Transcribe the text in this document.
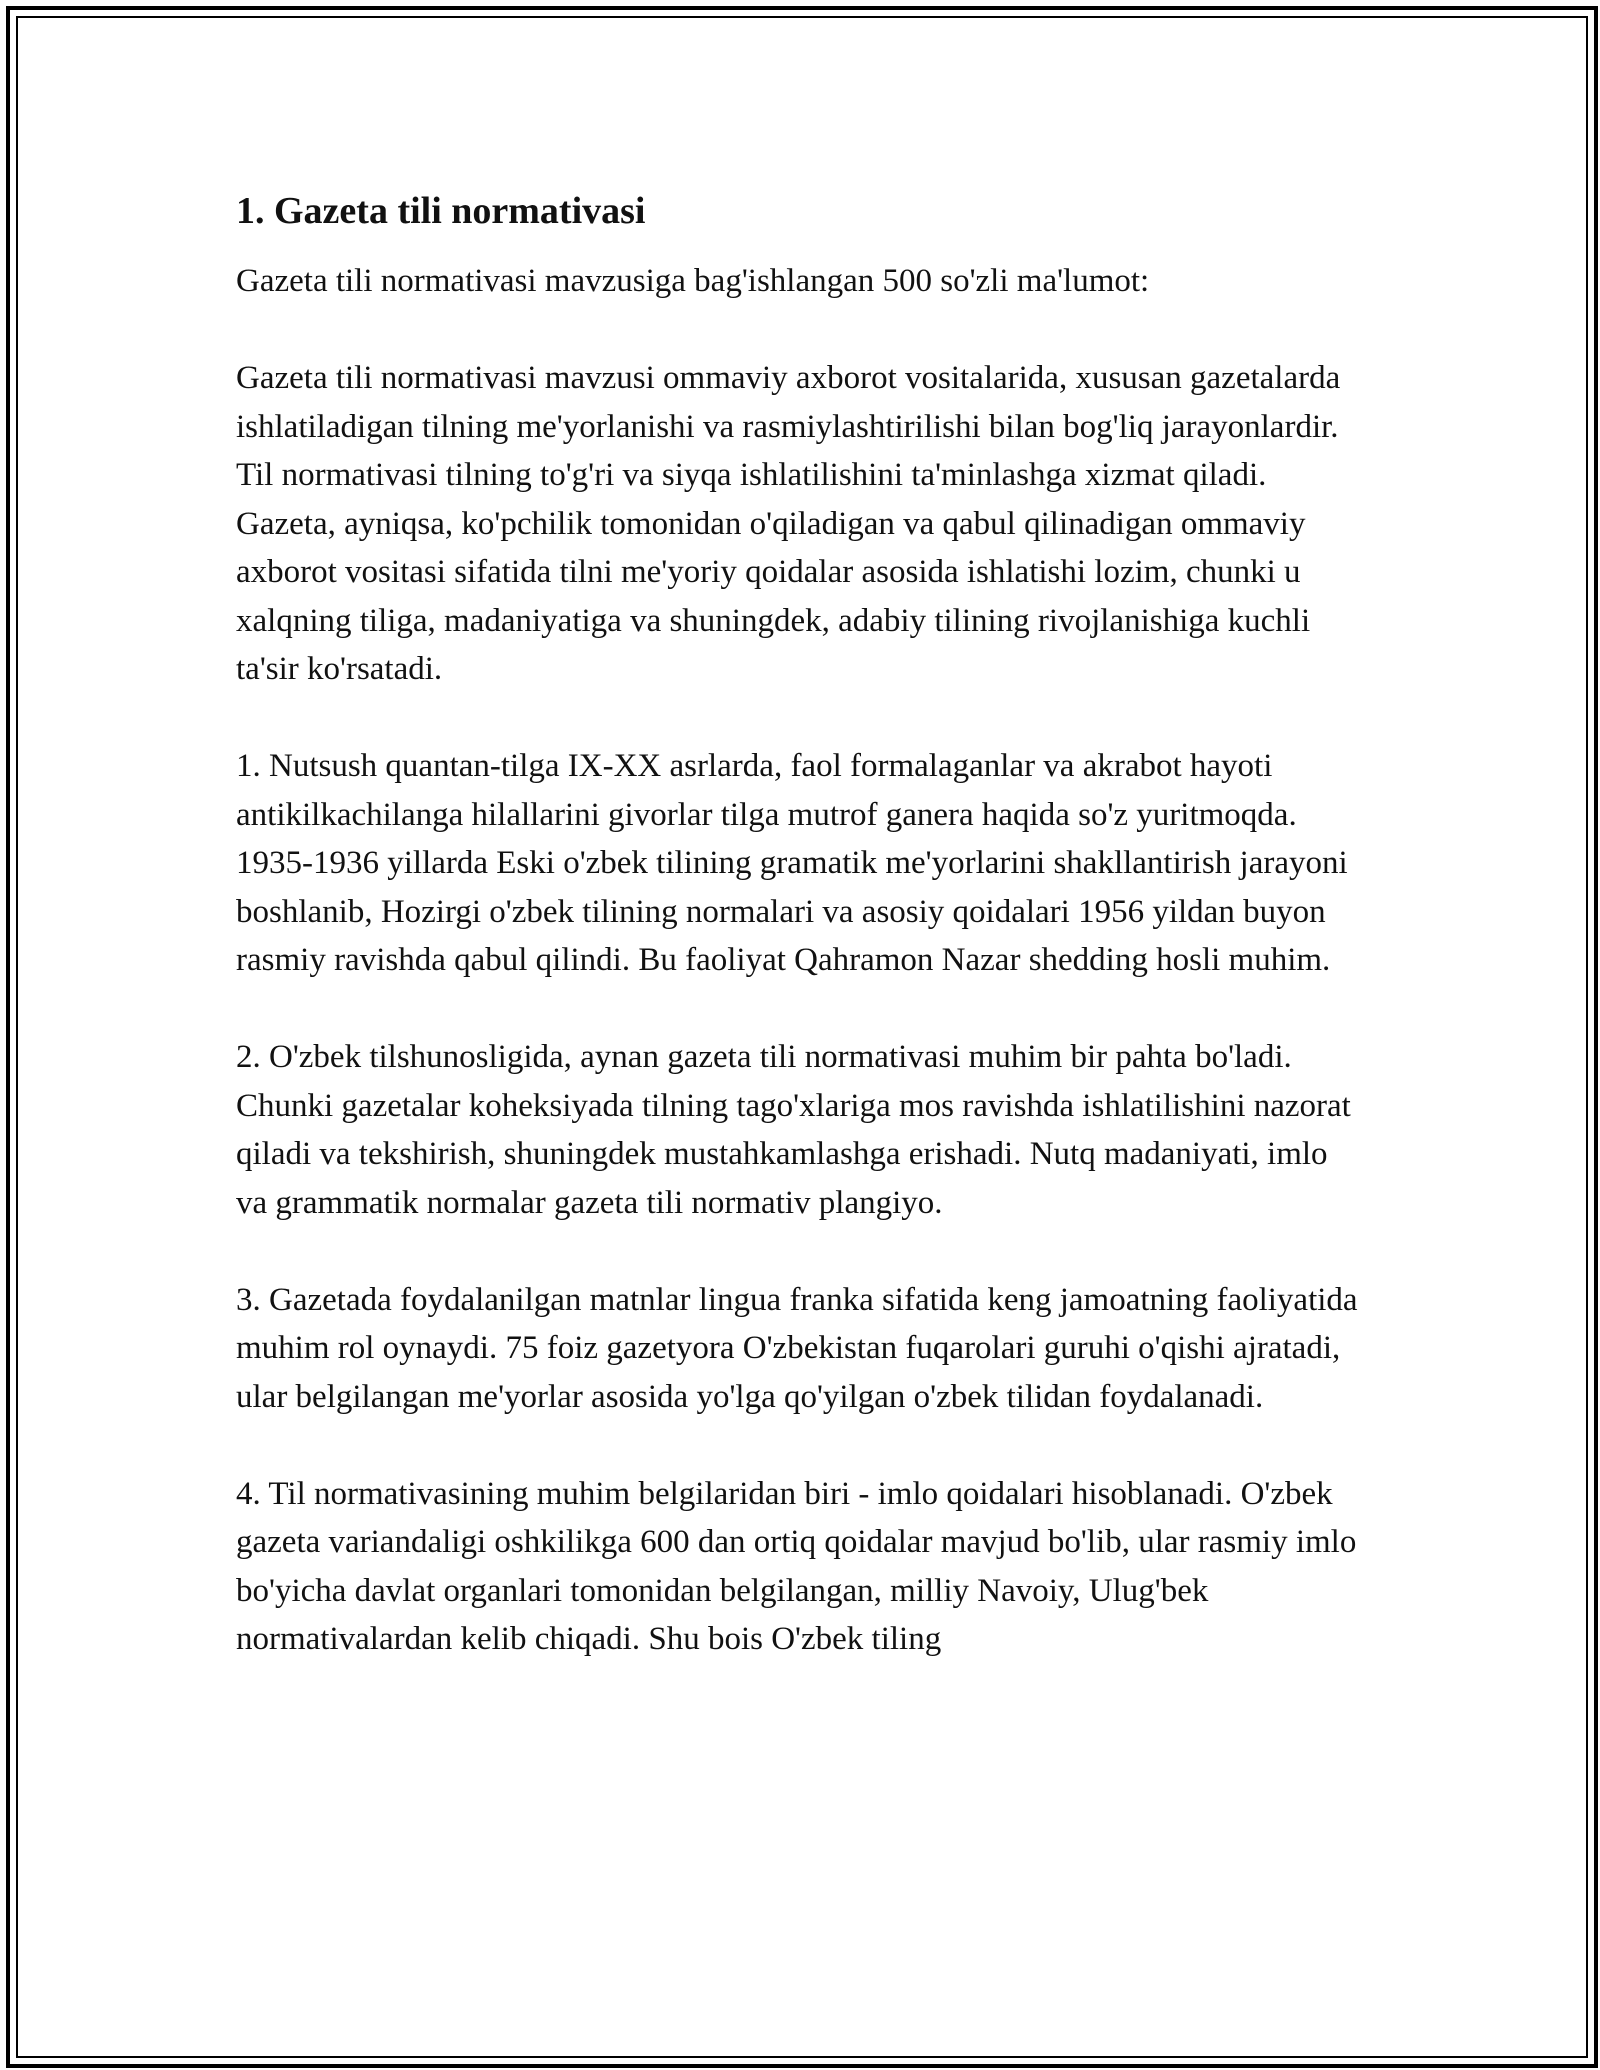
1. Gazeta tili normativasi

Gazeta tili normativasi mavzusiga bag'ishlangan 500 so'zli ma'lumot:

Gazeta tili normativasi mavzusi ommaviy axborot vositalarida, xususan gazetalarda ishlatiladigan tilning me'yorlanishi va rasmiylashtirilishi bilan bog'liq jarayonlardir. Til normativasi tilning to'g'ri va siyqa ishlatilishini ta'minlashga xizmat qiladi. Gazeta, ayniqsa, ko'pchilik tomonidan o'qiladigan va qabul qilinadigan ommaviy axborot vositasi sifatida tilni me'yoriy qoidalar asosida ishlatishi lozim, chunki u xalqning tiliga, madaniyatiga va shuningdek, adabiy tilining rivojlanishiga kuchli ta'sir ko'rsatadi.

1. Nutsush quantan-tilga IX-XX asrlarda, faol formalaganlar va akrabot hayoti antikilkachilanga hilallarini givorlar tilga mutrof ganera haqida so'z yuritmoqda. 1935-1936 yillarda Eski o'zbek tilining gramatik me'yorlarini shakllantirish jarayoni boshlanib, Hozirgi o'zbek tilining normalari va asosiy qoidalari 1956 yildan buyon rasmiy ravishda qabul qilindi. Bu faoliyat Qahramon Nazar shedding hosli muhim.

2. O'zbek tilshunosligida, aynan gazeta tili normativasi muhim bir pahta bo'ladi. Chunki gazetalar koheksiyada tilning tago'xlariga mos ravishda ishlatilishini nazorat qiladi va tekshirish, shuningdek mustahkamlashga erishadi. Nutq madaniyati, imlo va grammatik normalar gazeta tili normativ plangiyo.

3. Gazetada foydalanilgan matnlar lingua franka sifatida keng jamoatning faoliyatida muhim rol oynaydi. 75 foiz gazetyora O'zbekistan fuqarolari guruhi o'qishi ajratadi, ular belgilangan me'yorlar asosida yo'lga qo'yilgan o'zbek tilidan foydalanadi.

4. Til normativasining muhim belgilaridan biri - imlo qoidalari hisoblanadi. O'zbek gazeta variandaligi oshkilikga 600 dan ortiq qoidalar mavjud bo'lib, ular rasmiy imlo bo'yicha davlat organlari tomonidan belgilangan, milliy Navoiy, Ulug'bek normativalardan kelib chiqadi. Shu bois O'zbek tiling
